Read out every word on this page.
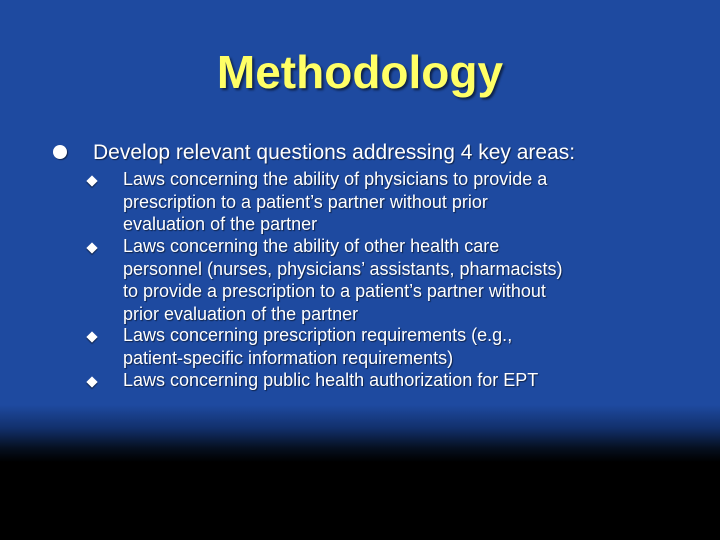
Methodology
Develop relevant questions addressing 4 key areas:
Laws concerning the ability of physicians to provide a
prescription to a patient’s partner without prior
evaluation of the partner
Laws concerning the ability of other health care
personnel (nurses, physicians’ assistants, pharmacists)
to provide a prescription to a patient’s partner without
prior evaluation of the partner
Laws concerning prescription requirements (e.g.,
patient-specific information requirements)
Laws concerning public health authorization for EPT
